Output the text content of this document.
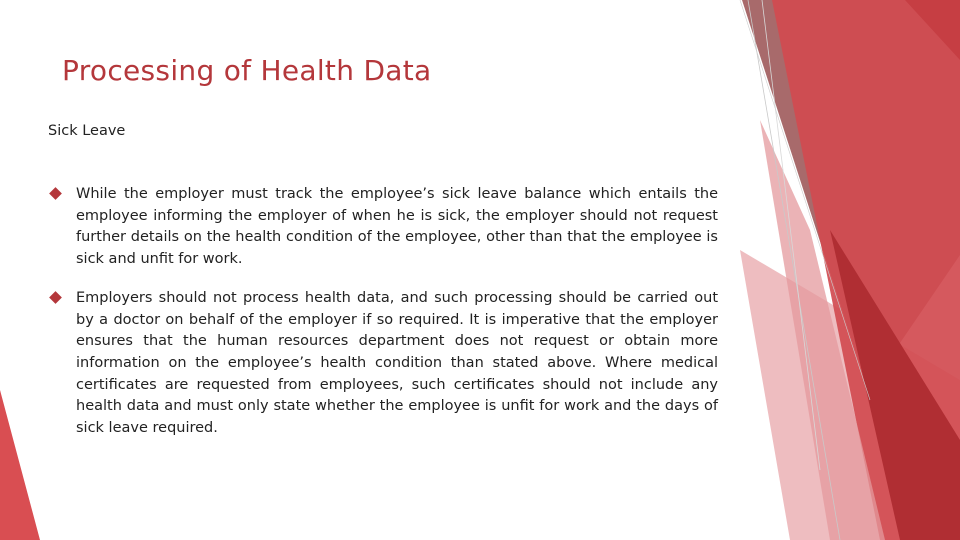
Processing of Health Data
Sick Leave
While the employer must track the employee’s sick leave balance which entails the employee informing the employer of when he is sick, the employer should not request further details on the health condition of the employee, other than that the employee is sick and unfit for work.
Employers should not process health data, and such processing should be carried out by a doctor on behalf of the employer if so required. It is imperative that the employer ensures that the human resources department does not request or obtain more information on the employee’s health condition than stated above. Where medical certificates are requested from employees, such certificates should not include any health data and must only state whether the employee is unfit for work and the days of sick leave required.
